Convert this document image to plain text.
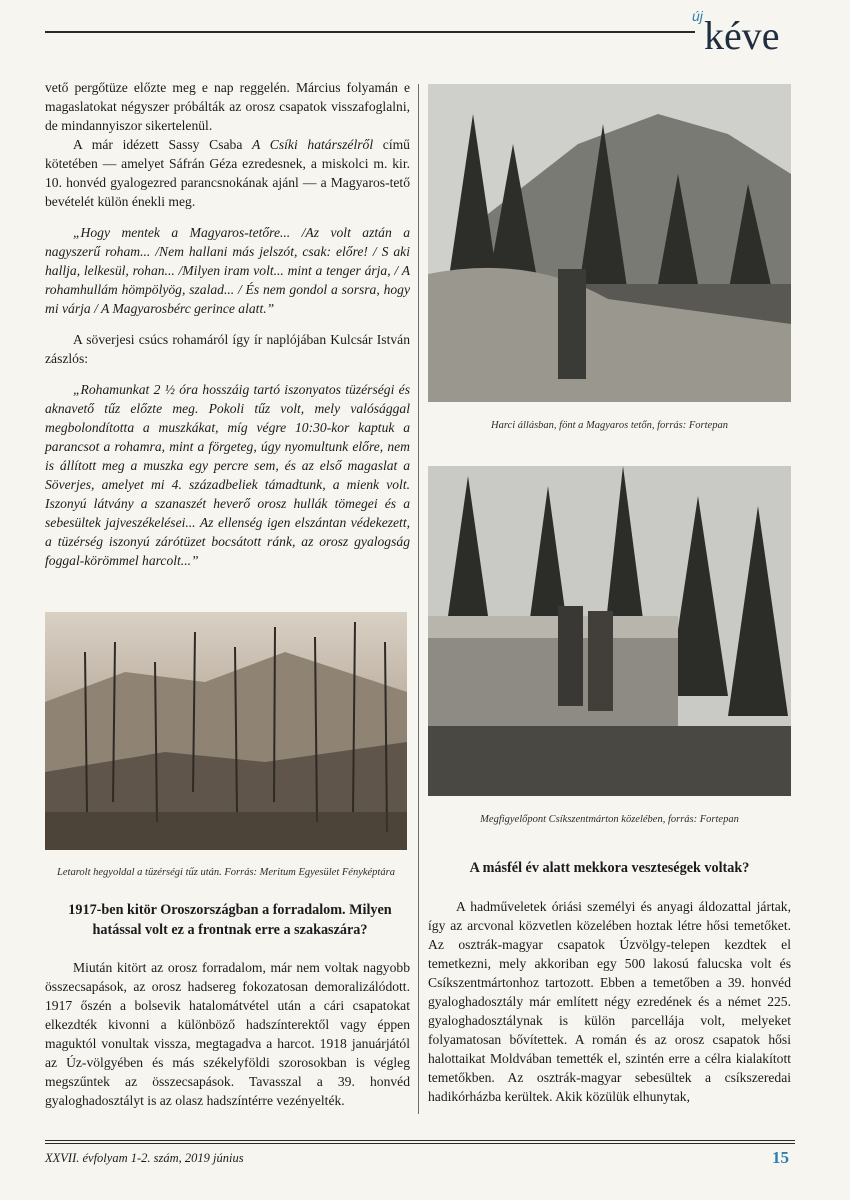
új kéve

vető pergőtüze előzte meg e nap reggelén. Március folyamán e magaslatokat négyszer próbálták az orosz csapatok visszafoglalni, de mindannyiszor sikertelenül.

A már idézett Sassy Csaba A Csíki határszélről című kötetében — amelyet Sáfrán Géza ezredesnek, a miskolci m. kir. 10. honvéd gyalogezred parancsnokának ajánl — a Magyaros-tető bevételét külön énekli meg.

„Hogy mentek a Magyaros-tetőre... /Az volt aztán a nagyszerű roham... /Nem hallani más jelszót, csak: előre! / S aki hallja, lelkesül, rohan... /Milyen iram volt... mint a tenger árja, / A rohamhullám hömpölyög, szalad... / És nem gondol a sorsra, hogy mi várja / A Magyarosbérc gerince alatt.”

A söverjesi csúcs rohamáról így ír naplójában Kulcsár István zászlós:

„Rohamunkat 2 ½ óra hosszáig tartó iszonyatos tüzérségi és aknavető tűz előzte meg. Pokoli tűz volt, mely valósággal megbolondította a muszkákat, míg végre 10:30-kor kaptuk a parancsot a rohamra, mint a förgeteg, úgy nyomultunk előre, nem is állított meg a muszka egy percre sem, és az első magaslat a Söverjes, amelyet mi 4. századbeliek támadtunk, a mienk volt. Iszonyú látvány a szanaszét heverő orosz hullák tömegei és a sebesültek jajveszékelései... Az ellenség igen elszántan védekezett, a tüzérség iszonyú zárótüzet bocsátott ránk, az orosz gyalogság foggal-körömmel harcolt...”

Letarolt hegyoldal a tüzérségi tűz után. Forrás: Meritum Egyesület Fényképtára
1917-ben kitör Oroszországban a forradalom. Milyen hatással volt ez a frontnak erre a szakaszára?

Miután kitört az orosz forradalom, már nem voltak nagyobb összecsapások, az orosz hadsereg fokozatosan demoralizálódott. 1917 őszén a bolsevik hatalomátvétel után a cári csapatokat elkezdték kivonni a különböző hadszínterektől vagy éppen maguktól vonultak vissza, megtagadva a harcot. 1918 januárjától az Úz-völgyében és más székelyföldi szorosokban is végleg megszűntek az összecsapások. Tavasszal a 39. honvéd gyaloghadosztályt is az olasz hadszíntérre vezényelték.

Harci állásban, fönt a Magyaros tetőn, forrás: Fortepan
Megfigyelőpont Csíkszentmárton közelében, forrás: Fortepan
A másfél év alatt mekkora veszteségek voltak?

A hadműveletek óriási személyi és anyagi áldozattal jártak, így az arcvonal közvetlen közelében hoztak létre hősi temetőket. Az osztrák-magyar csapatok Úzvölgy-telepen kezdtek el temetkezni, mely akkoriban egy 500 lakosú falucska volt és Csíkszentmártonhoz tartozott. Ebben a temetőben a 39. honvéd gyaloghadosztály már említett négy ezredének és a német 225. gyaloghadosztálynak is külön parcellája volt, melyeket folyamatosan bővítettek. A román és az orosz csapatok hősi halottaikat Moldvában temették el, szintén erre a célra kialakított temetőkben. Az osztrák-magyar sebesültek a csíkszeredai hadikórházba kerültek. Akik közülük elhunytak,

XXVII. évfolyam 1-2. szám, 2019 június	15
